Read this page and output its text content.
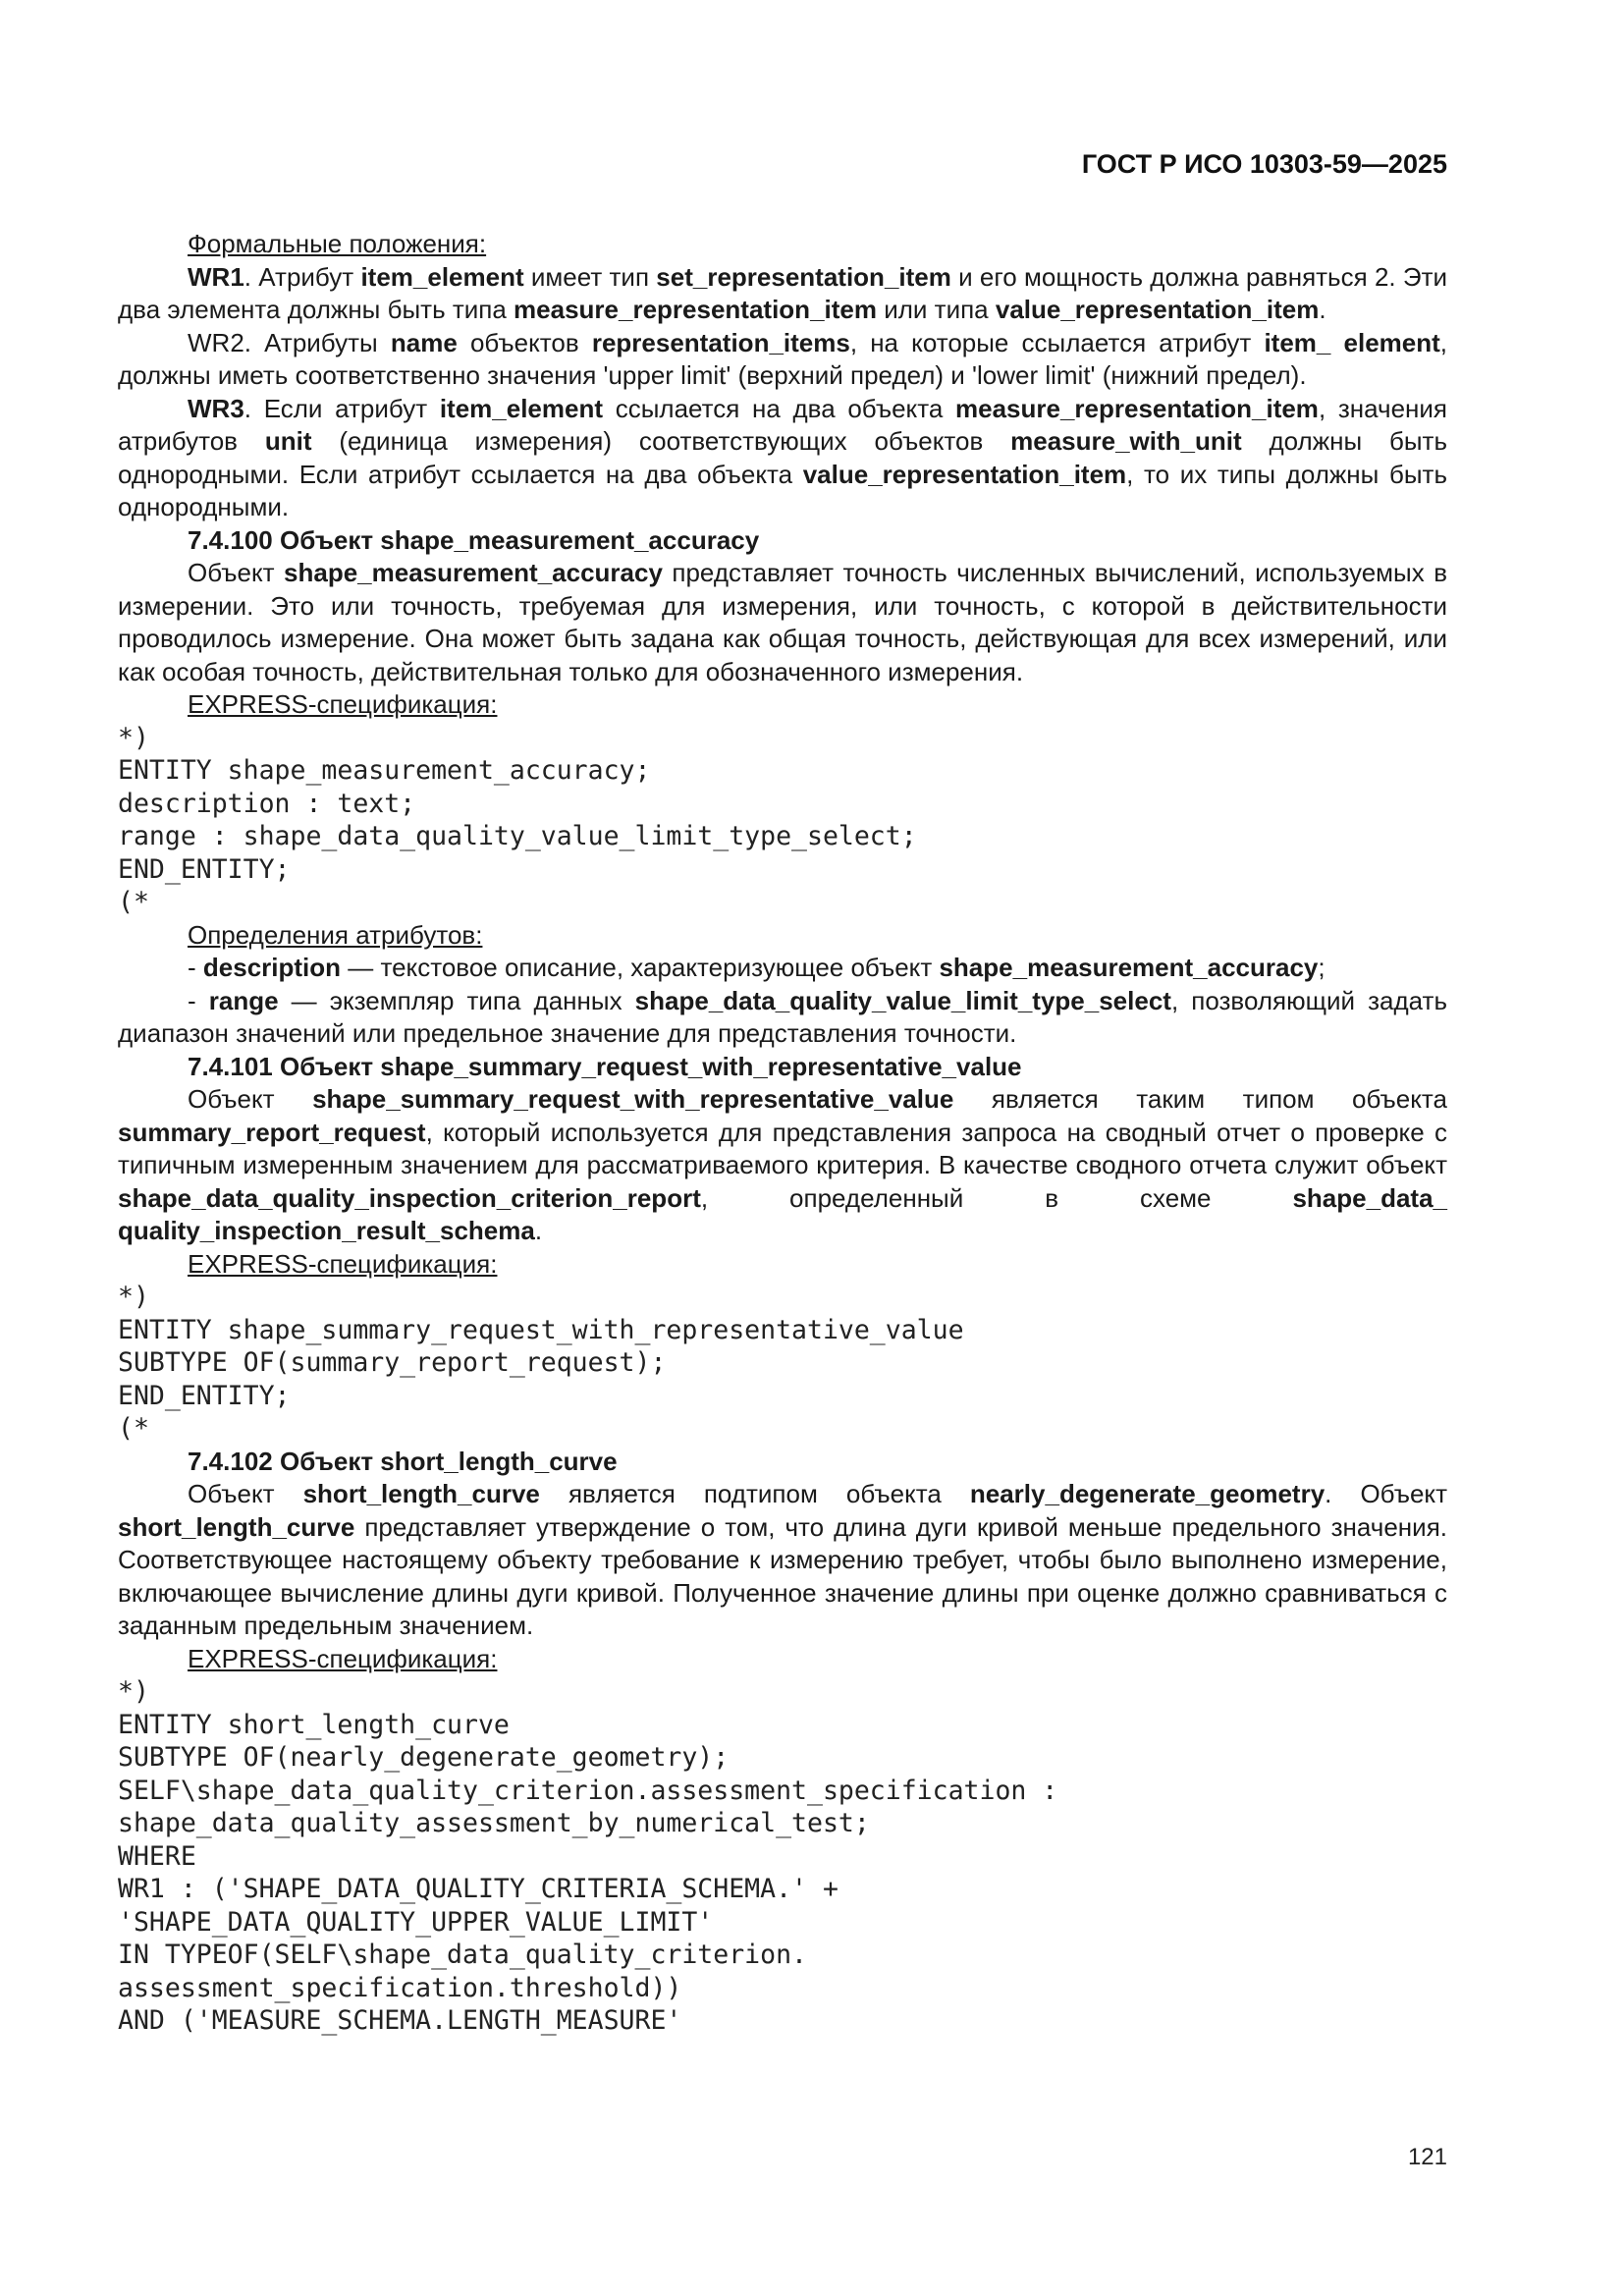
ГОСТ Р ИСО 10303-59—2025

Формальные положения:

WR1. Атрибут item_element имеет тип set_representation_item и его мощность должна равняться 2. Эти два элемента должны быть типа measure_representation_item или типа value_representation_item.

WR2. Атрибуты name объектов representation_items, на которые ссылается атрибут item_ element, должны иметь соответственно значения 'upper limit' (верхний предел) и 'lower limit' (нижний предел).

WR3. Если атрибут item_element ссылается на два объекта measure_representation_item, значения атрибутов unit (единица измерения) соответствующих объектов measure_with_unit должны быть однородными. Если атрибут ссылается на два объекта value_representation_item, то их типы должны быть однородными.

7.4.100 Объект shape_measurement_accuracy

Объект shape_measurement_accuracy представляет точность численных вычислений, используемых в измерении. Это или точность, требуемая для измерения, или точность, с которой в действительности проводилось измерение. Она может быть задана как общая точность, действующая для всех измерений, или как особая точность, действительная только для обозначенного измерения.

EXPRESS-спецификация:

*)

ENTITY shape_measurement_accuracy;

description : text;

range : shape_data_quality_value_limit_type_select;

END_ENTITY;

(*

Определения атрибутов:

- description — текстовое описание, характеризующее объект shape_measurement_accuracy;

- range — экземпляр типа данных shape_data_quality_value_limit_type_select, позволяющий задать диапазон значений или предельное значение для представления точности.

7.4.101 Объект shape_summary_request_with_representative_value

Объект shape_summary_request_with_representative_value является таким типом объекта summary_report_request, который используется для представления запроса на сводный отчет о проверке с типичным измеренным значением для рассматриваемого критерия. В качестве сводного отчета служит объект shape_data_quality_inspection_criterion_report, определенный в схеме shape_data_ quality_inspection_result_schema.

EXPRESS-спецификация:

*)

ENTITY shape_summary_request_with_representative_value

SUBTYPE OF(summary_report_request);

END_ENTITY;

(*

7.4.102 Объект short_length_curve

Объект short_length_curve является подтипом объекта nearly_degenerate_geometry. Объект short_length_curve представляет утверждение о том, что длина дуги кривой меньше предельного значения. Соответствующее настоящему объекту требование к измерению требует, чтобы было выполнено измерение, включающее вычисление длины дуги кривой. Полученное значение длины при оценке должно сравниваться с заданным предельным значением.

EXPRESS-спецификация:

*)

ENTITY short_length_curve

SUBTYPE OF(nearly_degenerate_geometry);

SELF\shape_data_quality_criterion.assessment_specification :

shape_data_quality_assessment_by_numerical_test;

WHERE

WR1 : ('SHAPE_DATA_QUALITY_CRITERIA_SCHEMA.' +

'SHAPE_DATA_QUALITY_UPPER_VALUE_LIMIT'

IN TYPEOF(SELF\shape_data_quality_criterion.

assessment_specification.threshold))

AND ('MEASURE_SCHEMA.LENGTH_MEASURE'

121
